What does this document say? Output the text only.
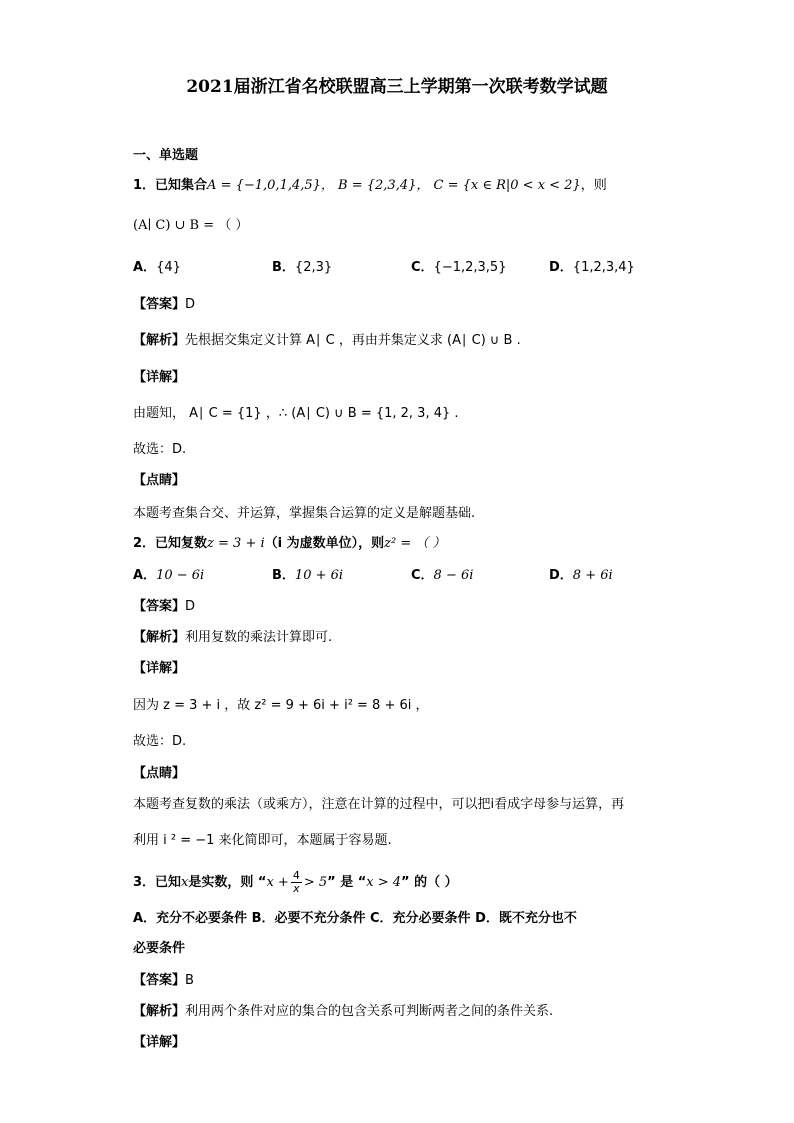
2021届浙江省名校联盟高三上学期第一次联考数学试题
一、单选题
1．已知集合A = {−1,0,1,4,5}， B = {2,3,4}， C = {x ∈ R|0 < x < 2}，则
(A∣ C) ∪ B = （ ）
A．{4}	B．{2,3}	C．{−1,2,3,5}	D．{1,2,3,4}
【答案】D
【解析】先根据交集定义计算 A∣ C ，再由并集定义求 (A∣ C) ∪ B .
【详解】
由题知， A∣ C = {1} ，∴ (A∣ C) ∪ B = {1, 2, 3, 4} .
故选：D.
【点睛】
本题考查集合交、并运算，掌握集合运算的定义是解题基础.
2．已知复数z = 3 + i（i 为虚数单位），则z² = （ ）
A．10 − 6i	B．10 + 6i	C．8 − 6i	D．8 + 6i
【答案】D
【解析】利用复数的乘法计算即可.
【详解】
因为 z = 3 + i ，故 z² = 9 + 6i + i² = 8 + 6i ，
故选：D.
【点睛】
本题考查复数的乘法（或乘方），注意在计算的过程中，可以把i看成字母参与运算，再
利用 i ² = −1 来化简即可，本题属于容易题.
3．已知x是实数，则 “$x + \frac{4}{x} > 5$” 是 “x > 4” 的（ ）
A．充分不必要条件 B．必要不充分条件 C．充分必要条件 D．既不充分也不
必要条件
【答案】B
【解析】利用两个条件对应的集合的包含关系可判断两者之间的条件关系.
【详解】
